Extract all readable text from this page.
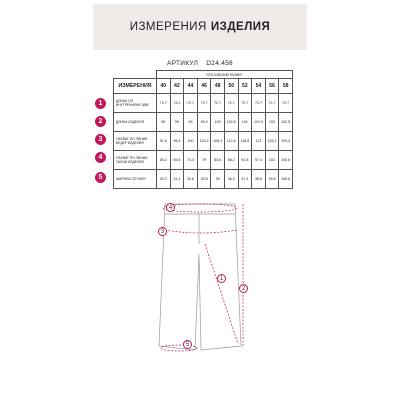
ИЗМЕРЕНИЯ ИЗДЕЛИЯ
АРТИКУЛ D24.458
	РОССИЙСКИЙ РАЗМЕР									
ИЗМЕРЕНИЯ	40	42	44	46	48	50	52	54	56	58
ДЛИНА ПО ВНУТРЕННЕМУ ШВУ	73.7	73.2	72.7	72.7	72.7	72.7	72.7	72.7	72.7	72.7
ДЛИНА ИЗДЕЛИЯ	99	99	99	99.5	100	100.5	101	101.5	102	102.5
ОБХВАТ ПО ЛИНИИ БЕДЕР ИЗДЕЛИЯ	91.6	95.6	100	104.2	108.4	112.6	116.8	121	125.2	129.4
ОБХВАТ ПО ЛИНИИ ТАЛИИ ИЗДЕЛИЯ	65.2	69.8	74.4	79	83.6	88.2	92.8	97.4	102	106.6
ШИРИНА ПО НИЗУ	30.2	31.4	32.6	33.8	35	36.2	37.4	38.6	39.8	106.6
1
2
3
4
5
4
3
1
2
5
